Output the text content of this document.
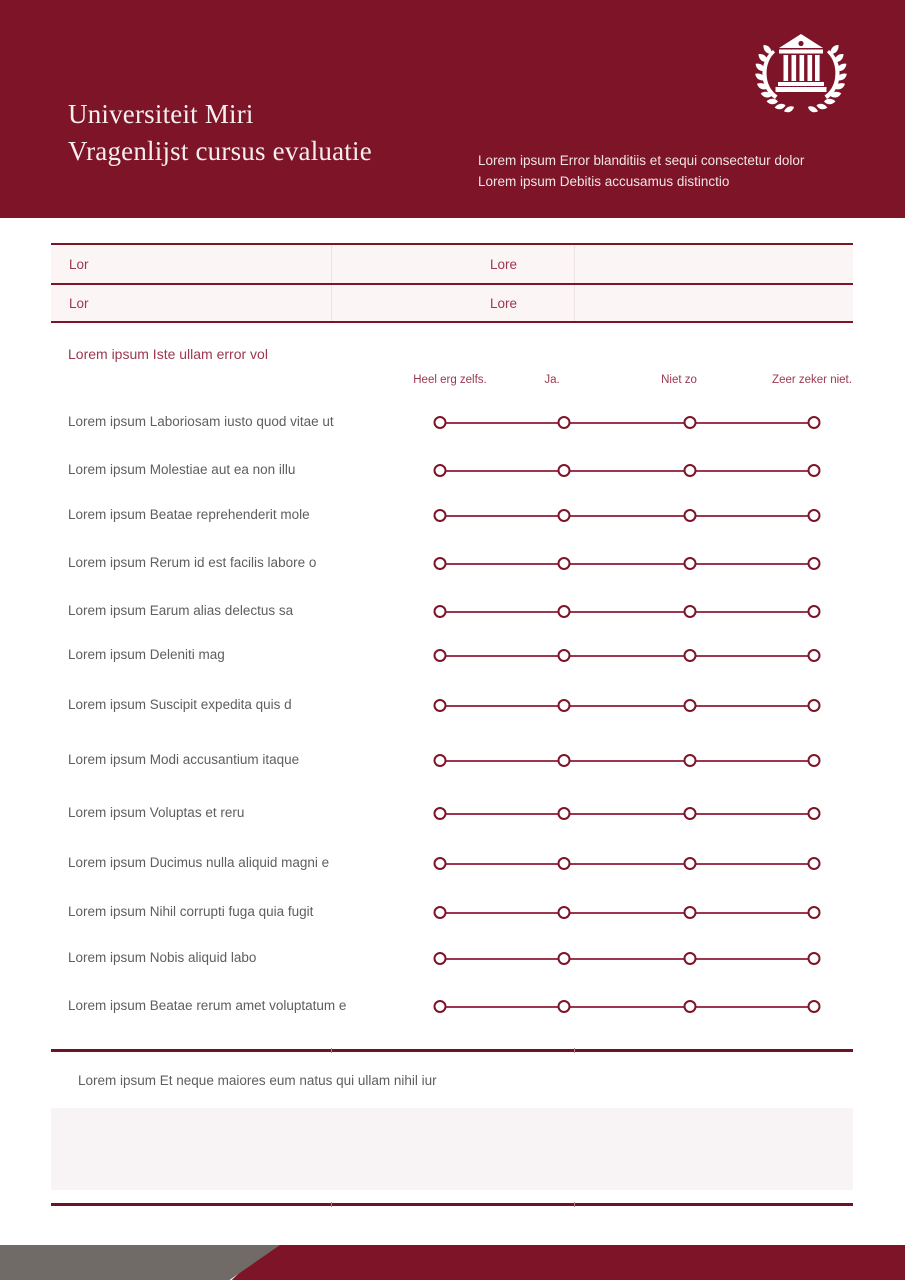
Universiteit Miri
Vragenlijst cursus evaluatie	Lorem ipsum Error blanditiis et sequi consectetur dolor
Lorem ipsum Debitis accusamus distinctio
Lor	Lore
Lor	Lore
Lorem ipsum Iste ullam error vol
Heel erg zelfs.	Ja.	Niet zo	Zeer zeker niet.
Lorem ipsum Laboriosam iusto quod vitae ut
Lorem ipsum Molestiae aut ea non illu
Lorem ipsum Beatae reprehenderit mole
Lorem ipsum Rerum id est facilis labore o
Lorem ipsum Earum alias delectus sa
Lorem ipsum Deleniti mag
Lorem ipsum Suscipit expedita quis d
Lorem ipsum Modi accusantium itaque
Lorem ipsum Voluptas et reru
Lorem ipsum Ducimus nulla aliquid magni e
Lorem ipsum Nihil corrupti fuga quia fugit
Lorem ipsum Nobis aliquid labo
Lorem ipsum Beatae rerum amet voluptatum e
Lorem ipsum Et neque maiores eum natus qui ullam nihil iur
